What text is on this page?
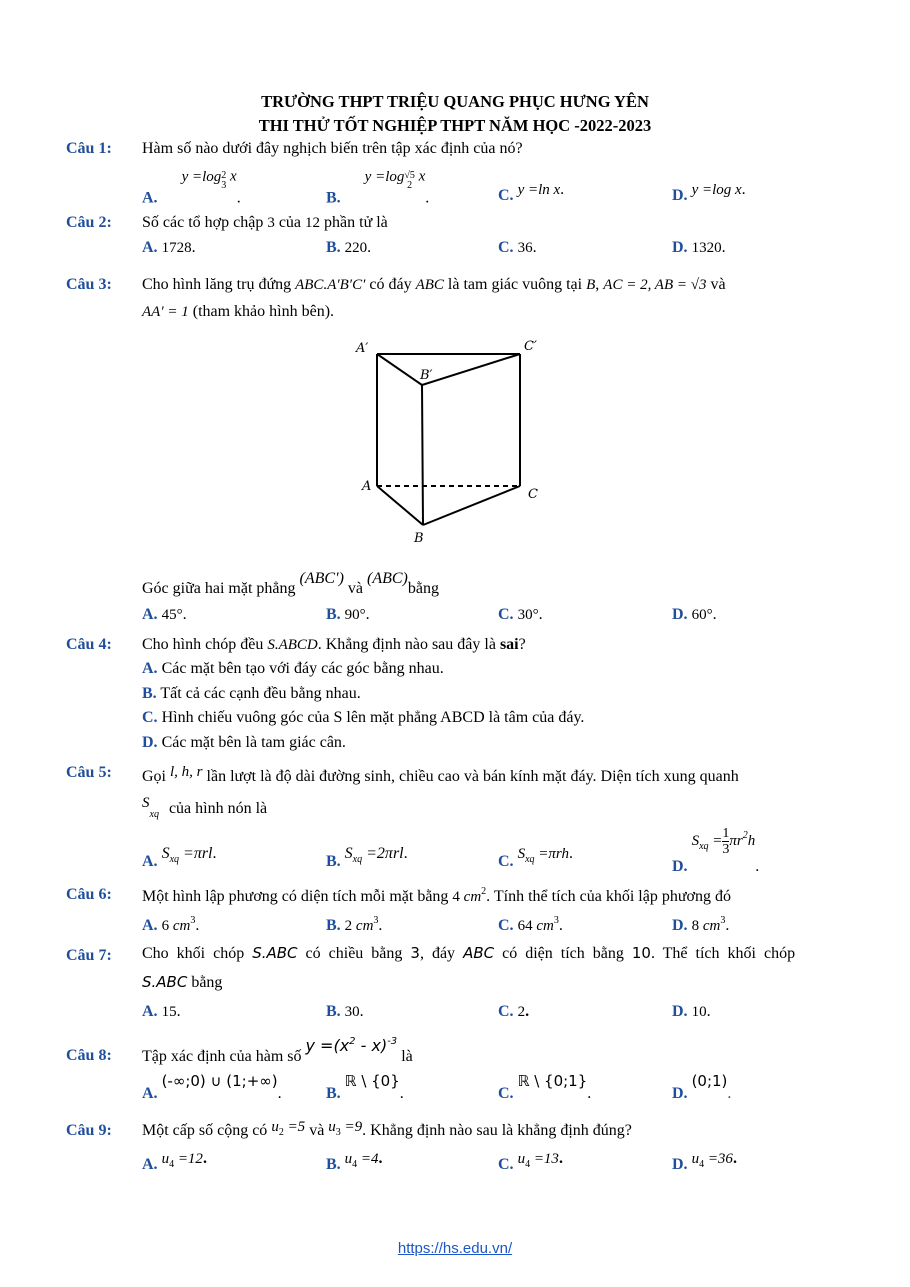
TRƯỜNG THPT TRIỆU QUANG PHỤC HƯNG YÊN
THI THỬ TỐT NGHIỆP THPT NĂM HỌC -2022-2023
Câu 1: Hàm số nào dưới đây nghịch biến trên tập xác định của nó?
A. y =log 2
3
x.	B. y =log √5
2
x.	C. y =ln x.	D. y =log x.
Câu 2: Số các tổ hợp chập 3 của 12 phần tử là
A. 1728.	B. 220.	C. 36.	D. 1320.
Câu 3: Cho hình lăng trụ đứng ABC.A′B′C′ có đáy ABC là tam giác vuông tại B, AC = 2, AB = √3 và
AA′ = 1 (tham khảo hình bên).
A′	C′
B′
A
C
B
Góc giữa hai mặt phẳng (ABC′) và (ABC)bằng
A. 45°.	B. 90°.	C. 30°.	D. 60°.
Câu 4: Cho hình chóp đều S.ABCD. Khẳng định nào sau đây là sai?
A. Các mặt bên tạo với đáy các góc bằng nhau.
B. Tất cả các cạnh đều bằng nhau.
C. Hình chiếu vuông góc của S lên mặt phẳng ABCD là tâm của đáy.
D. Các mặt bên là tam giác cân.
Câu 5: Gọi l, h, r lần lượt là độ dài đường sinh, chiều cao và bán kính mặt đáy. Diện tích xung quanh
$S_{xq}$ của hình nón là
A. $S_{xq} =\pi rl$.	B. $S_{xq} =2\pi rl$.	C. $S_{xq} =\pi rh$.
D. $S_{xq} = \frac{1}{3} \pi r^2h$.
Câu 6: Một hình lập phương có diện tích mỗi mặt bằng 4 $cm^2$. Tính thể tích của khối lập phương đó
A. 6 $cm^3$.	B. 2 $cm^3$.	C. 64 $cm^3$.	D. 8 $cm^3$.
Câu 7: Cho khối chóp S.ABC có chiều bằng 3, đáy ABC có diện tích bằng 10. Thể tích khối chóp
S.ABC bằng
A. 15.	B. 30.	C. 2.	D. 10.
Câu 8: Tập xác định của hàm số $y =(x^2 - x)^{-3}$ là
A. (-∞;0) ∪ (1;+∞).	B. ℝ \ {0}.	C. ℝ \ {0;1}.	D. (0;1).
Câu 9: Một cấp số cộng có $u_2 =5$ và $u_3 =9$. Khẳng định nào sau là khẳng định đúng?
A. $u_4 =12$.	B. $u_4 =4$.	C. $u_4 =13$.	D. $u_4 =36$.
https://hs.edu.vn/
